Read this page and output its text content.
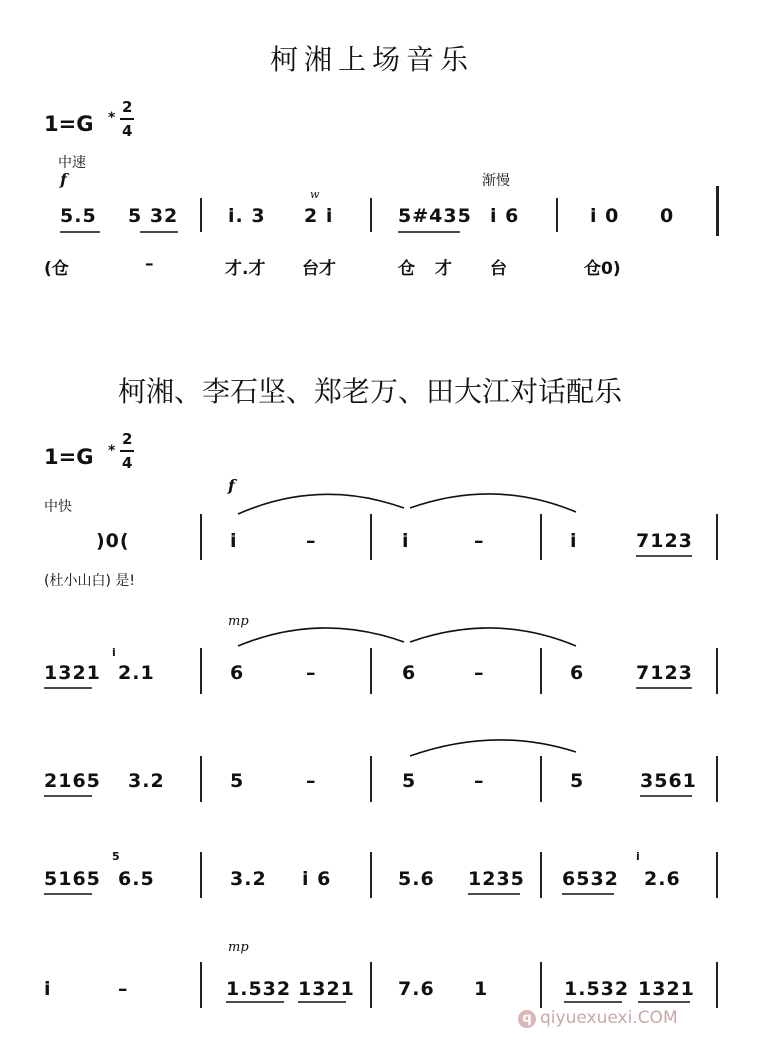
柯湘上场音乐
1=G *
2
4
中速
f	渐慢
5.5 5 32	i. 3
w
2 i	5#435 i 6	i 0 0
(仓	–	才.才 台才	仓 才 台	仓0)
柯湘、李石坚、郑老万、田大江对话配乐
1=G *
2
4
f
中快
)0(	i	–	i	–	i	7123
(杜小山白) 是!
mp
1321
i
2.1	6	–	6	–	6	7123
2165 3.2	5	–	5	–	5	3561
5165
5
6.5	3.2 i 6	5.6 1235 6532
i
2.6
mp
i	–	1.532 1321 7.6 1	1.532 1321
q qiyuexuexi.COM
